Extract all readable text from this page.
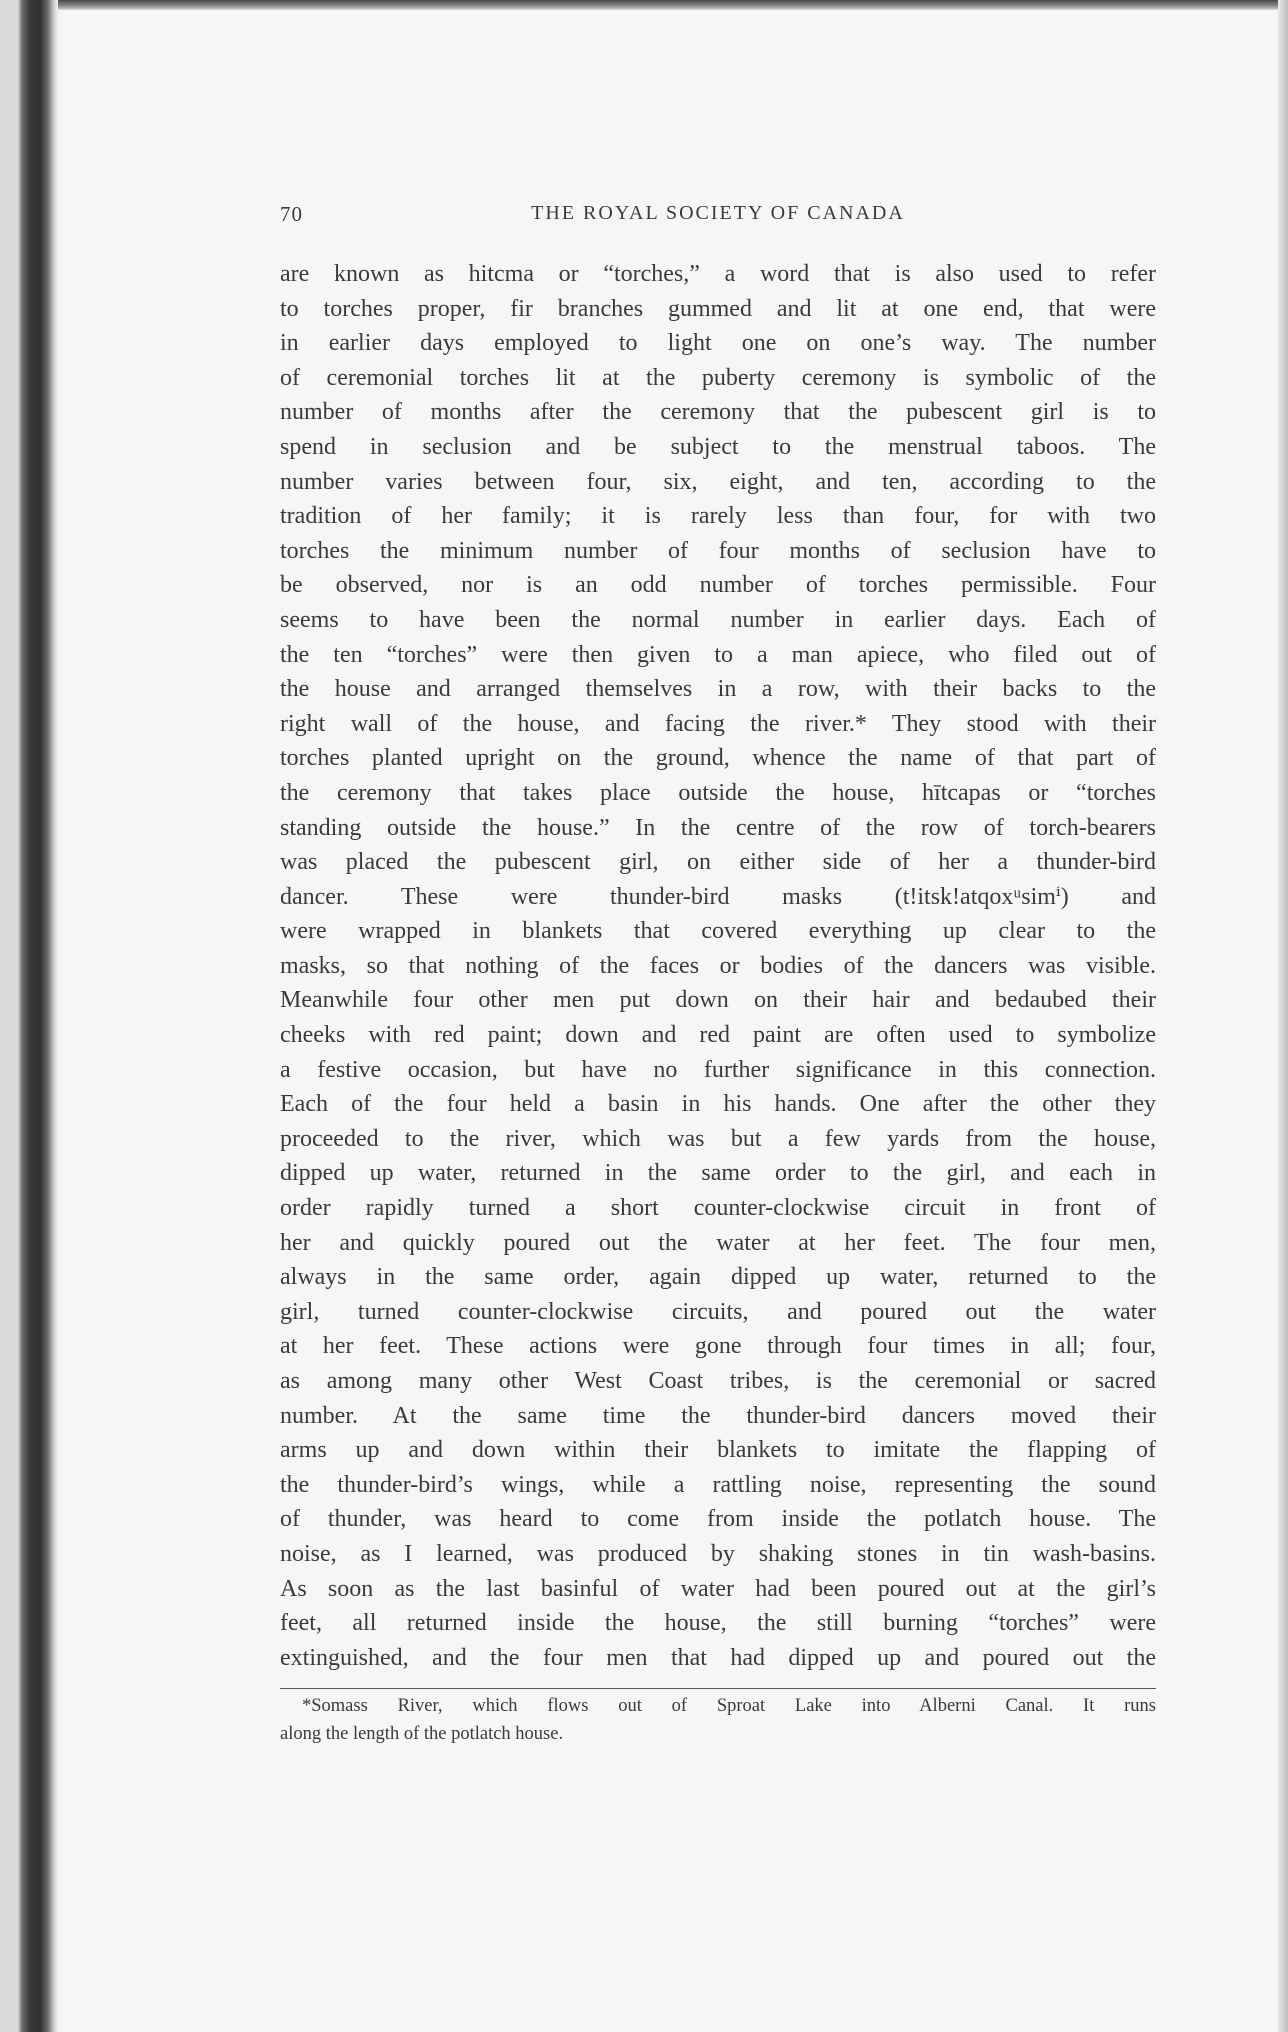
70	THE ROYAL SOCIETY OF CANADA
are known as hitcma or “torches,” a word that is also used to refer
to torches proper, fir branches gummed and lit at one end, that were
in earlier days employed to light one on one’s way. The number
of ceremonial torches lit at the puberty ceremony is symbolic of the
number of months after the ceremony that the pubescent girl is to
spend in seclusion and be subject to the menstrual taboos. The
number varies between four, six, eight, and ten, according to the
tradition of her family; it is rarely less than four, for with two
torches the minimum number of four months of seclusion have to
be observed, nor is an odd number of torches permissible. Four
seems to have been the normal number in earlier days. Each of
the ten “torches” were then given to a man apiece, who filed out of
the house and arranged themselves in a row, with their backs to the
right wall of the house, and facing the river.* They stood with their
torches planted upright on the ground, whence the name of that part of
the ceremony that takes place outside the house, hītcapas or “torches
standing outside the house.” In the centre of the row of torch-bearers
was placed the pubescent girl, on either side of her a thunder-bird
dancer. These were thunder-bird masks (t!itsk!atqoxᵘsimⁱ) and
were wrapped in blankets that covered everything up clear to the
masks, so that nothing of the faces or bodies of the dancers was visible.
Meanwhile four other men put down on their hair and bedaubed their
cheeks with red paint; down and red paint are often used to symbolize
a festive occasion, but have no further significance in this connection.
Each of the four held a basin in his hands. One after the other they
proceeded to the river, which was but a few yards from the house,
dipped up water, returned in the same order to the girl, and each in
order rapidly turned a short counter-clockwise circuit in front of
her and quickly poured out the water at her feet. The four men,
always in the same order, again dipped up water, returned to the
girl, turned counter-clockwise circuits, and poured out the water
at her feet. These actions were gone through four times in all; four,
as among many other West Coast tribes, is the ceremonial or sacred
number. At the same time the thunder-bird dancers moved their
arms up and down within their blankets to imitate the flapping of
the thunder-bird’s wings, while a rattling noise, representing the sound
of thunder, was heard to come from inside the potlatch house. The
noise, as I learned, was produced by shaking stones in tin wash-basins.
As soon as the last basinful of water had been poured out at the girl’s
feet, all returned inside the house, the still burning “torches” were
extinguished, and the four men that had dipped up and poured out the
*Somass River, which flows out of Sproat Lake into Alberni Canal. It runs
along the length of the potlatch house.
